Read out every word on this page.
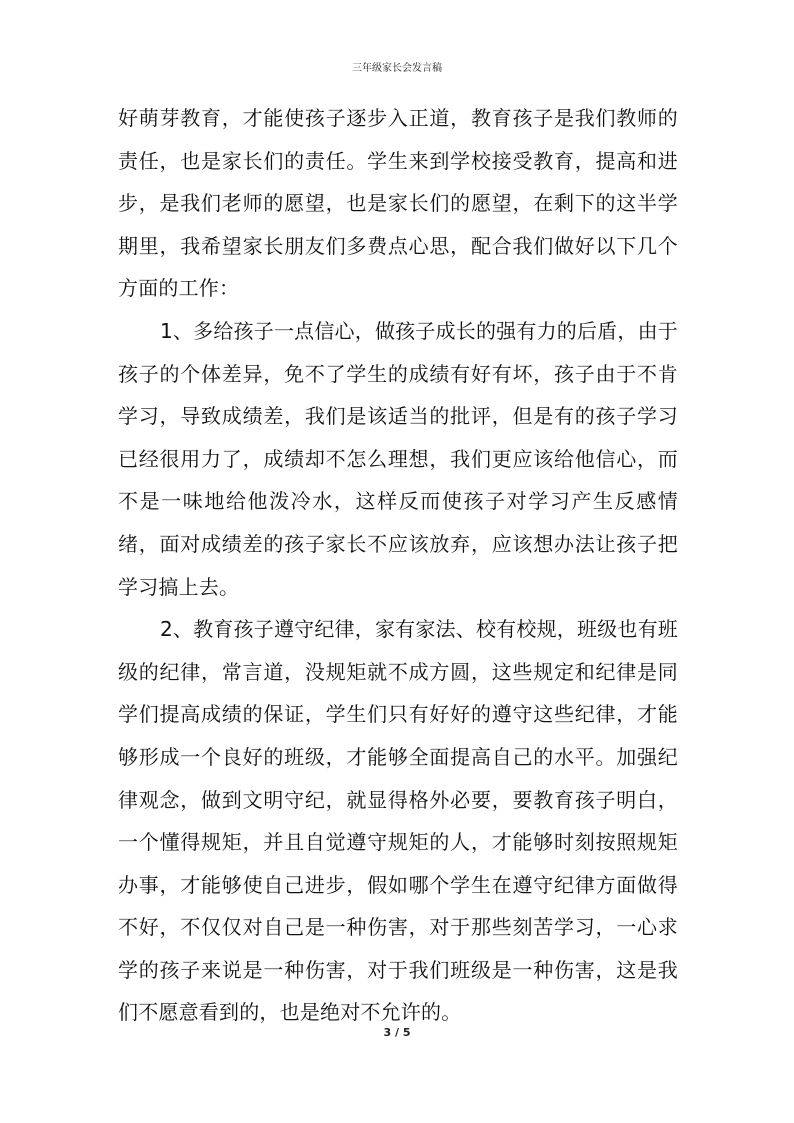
三年级家长会发言稿

好萌芽教育，才能使孩子逐步入正道，教育孩子是我们教师的责任，也是家长们的责任。学生来到学校接受教育，提高和进步，是我们老师的愿望，也是家长们的愿望，在剩下的这半学期里，我希望家长朋友们多费点心思，配合我们做好以下几个方面的工作：

1、多给孩子一点信心，做孩子成长的强有力的后盾，由于孩子的个体差异，免不了学生的成绩有好有坏，孩子由于不肯学习，导致成绩差，我们是该适当的批评，但是有的孩子学习已经很用力了，成绩却不怎么理想，我们更应该给他信心，而不是一味地给他泼冷水，这样反而使孩子对学习产生反感情绪，面对成绩差的孩子家长不应该放弃，应该想办法让孩子把学习搞上去。

2、教育孩子遵守纪律，家有家法、校有校规，班级也有班级的纪律，常言道，没规矩就不成方圆，这些规定和纪律是同学们提高成绩的保证，学生们只有好好的遵守这些纪律，才能够形成一个良好的班级，才能够全面提高自己的水平。加强纪律观念，做到文明守纪，就显得格外必要，要教育孩子明白，一个懂得规矩，并且自觉遵守规矩的人，才能够时刻按照规矩办事，才能够使自己进步，假如哪个学生在遵守纪律方面做得不好，不仅仅对自己是一种伤害，对于那些刻苦学习，一心求学的孩子来说是一种伤害，对于我们班级是一种伤害，这是我们不愿意看到的，也是绝对不允许的。

3 / 5
